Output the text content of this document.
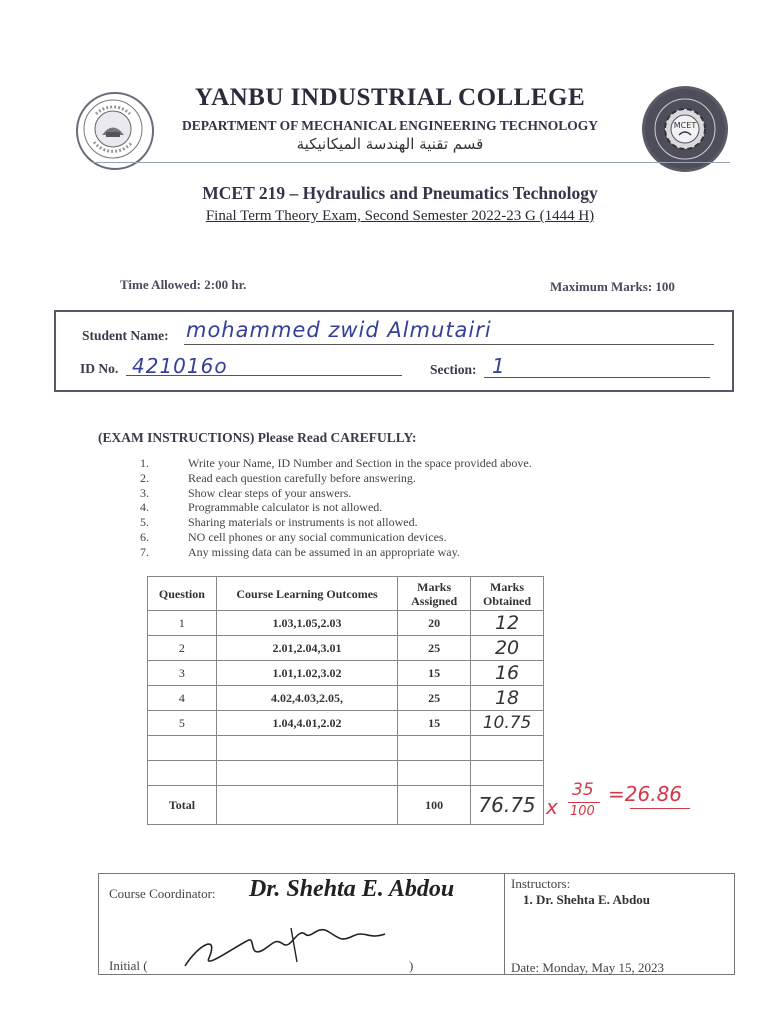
MCET
YANBU INDUSTRIAL COLLEGE
DEPARTMENT OF MECHANICAL ENGINEERING TECHNOLOGY
قسم تقنية الهندسة الميكانيكية
MCET 219 – Hydraulics and Pneumatics Technology
Final Term Theory Exam, Second Semester 2022-23 G (1444 H)
Time Allowed: 2:00 hr.	Maximum Marks: 100
Student Name: mohammed zwid Almutairi
ID No. 421016o	Section: 1
(EXAM INSTRUCTIONS) Please Read CAREFULLY:
1.	Write your Name, ID Number and Section in the space provided above.
2.	Read each question carefully before answering.
3.	Show clear steps of your answers.
4.	Programmable calculator is not allowed.
5.	Sharing materials or instruments is not allowed.
6.	NO cell phones or any social communication devices.
7.	Any missing data can be assumed in an appropriate way.
Question	Course Learning Outcomes	Marks Assigned	Marks Obtained
1	1.03,1.05,2.03	20	12
2	2.01,2.04,3.01	25	20
3	1.01,1.02,3.02	15	16
4	4.02,4.03,2.05,	25	18
5	1.04,4.01,2.02	15	10.75

Total		100	76.75 x
35
100
=26.86
Course Coordinator: Dr. Shehta E. Abdou
Initial (	)
Instructors:
1. Dr. Shehta E. Abdou
Date: Monday, May 15, 2023
